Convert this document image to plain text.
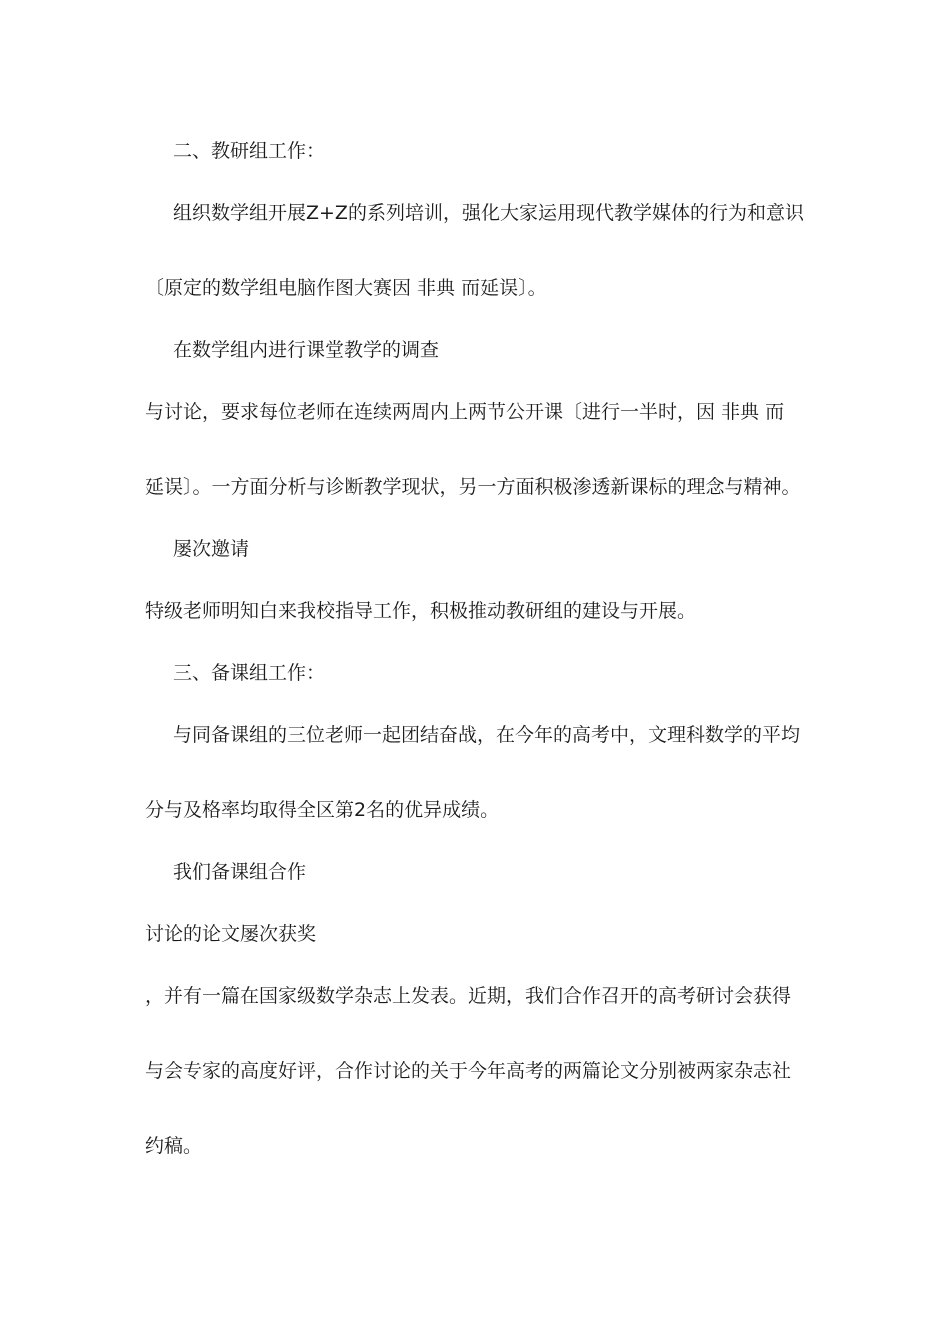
二、教研组工作：
组织数学组开展Z+Z的系列培训，强化大家运用现代教学媒体的行为和意识
〔原定的数学组电脑作图大赛因 非典 而延误〕。
在数学组内进行课堂教学的调查
与讨论，要求每位老师在连续两周内上两节公开课〔进行一半时，因 非典 而
延误〕。一方面分析与诊断教学现状，另一方面积极渗透新课标的理念与精神。
屡次邀请
特级老师明知白来我校指导工作，积极推动教研组的建设与开展。
三、备课组工作：
与同备课组的三位老师一起团结奋战，在今年的高考中，文理科数学的平均
分与及格率均取得全区第2名的优异成绩。
我们备课组合作
讨论的论文屡次获奖
，并有一篇在国家级数学杂志上发表。近期，我们合作召开的高考研讨会获得
与会专家的高度好评，合作讨论的关于今年高考的两篇论文分别被两家杂志社
约稿。
